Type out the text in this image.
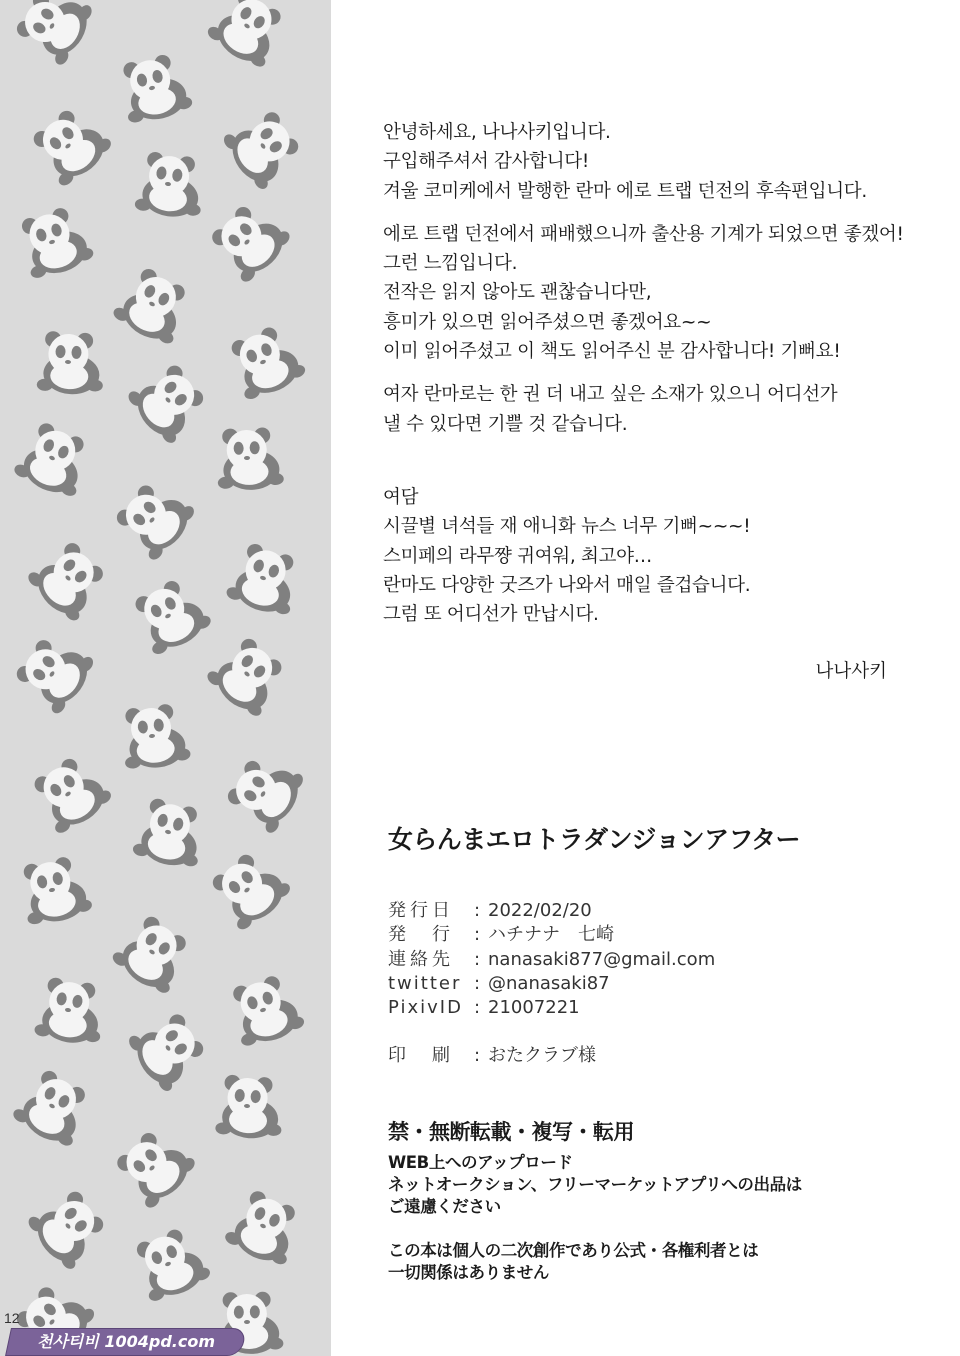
안녕하세요, 나나사키입니다.
구입해주셔서 감사합니다!
겨울 코미케에서 발행한 란마 에로 트랩 던전의 후속편입니다.
에로 트랩 던전에서 패배했으니까 출산용 기계가 되었으면 좋겠어!
그런 느낌입니다.
전작은 읽지 않아도 괜찮습니다만,
흥미가 있으면 읽어주셨으면 좋겠어요~~
이미 읽어주셨고 이 책도 읽어주신 분 감사합니다! 기뻐요!
여자 란마로는 한 권 더 내고 싶은 소재가 있으니 어디선가
낼 수 있다면 기쁠 것 같습니다.
여담
시끌별 녀석들 재 애니화 뉴스 너무 기뻐~~~!
스미페의 라무쨩 귀여워, 최고야…
란마도 다양한 굿즈가 나와서 매일 즐겁습니다.
그럼 또 어디선가 만납시다.
나나사키
女らんまエロトラダンジョンアフター
発行日	: 2022/02/20
発　行	: ハチナナ　七崎
連絡先	: nanasaki877@gmail.com
twitter : @nanasaki87
PixivID : 21007221
印　刷	: おたクラブ様
禁・無断転載・複写・転用
WEB上へのアップロード
ネットオークション、フリーマーケットアプリへの出品は
ご遠慮ください
この本は個人の二次創作であり公式・各権利者とは
一切関係はありません
12
천사티비 1004pd.com
